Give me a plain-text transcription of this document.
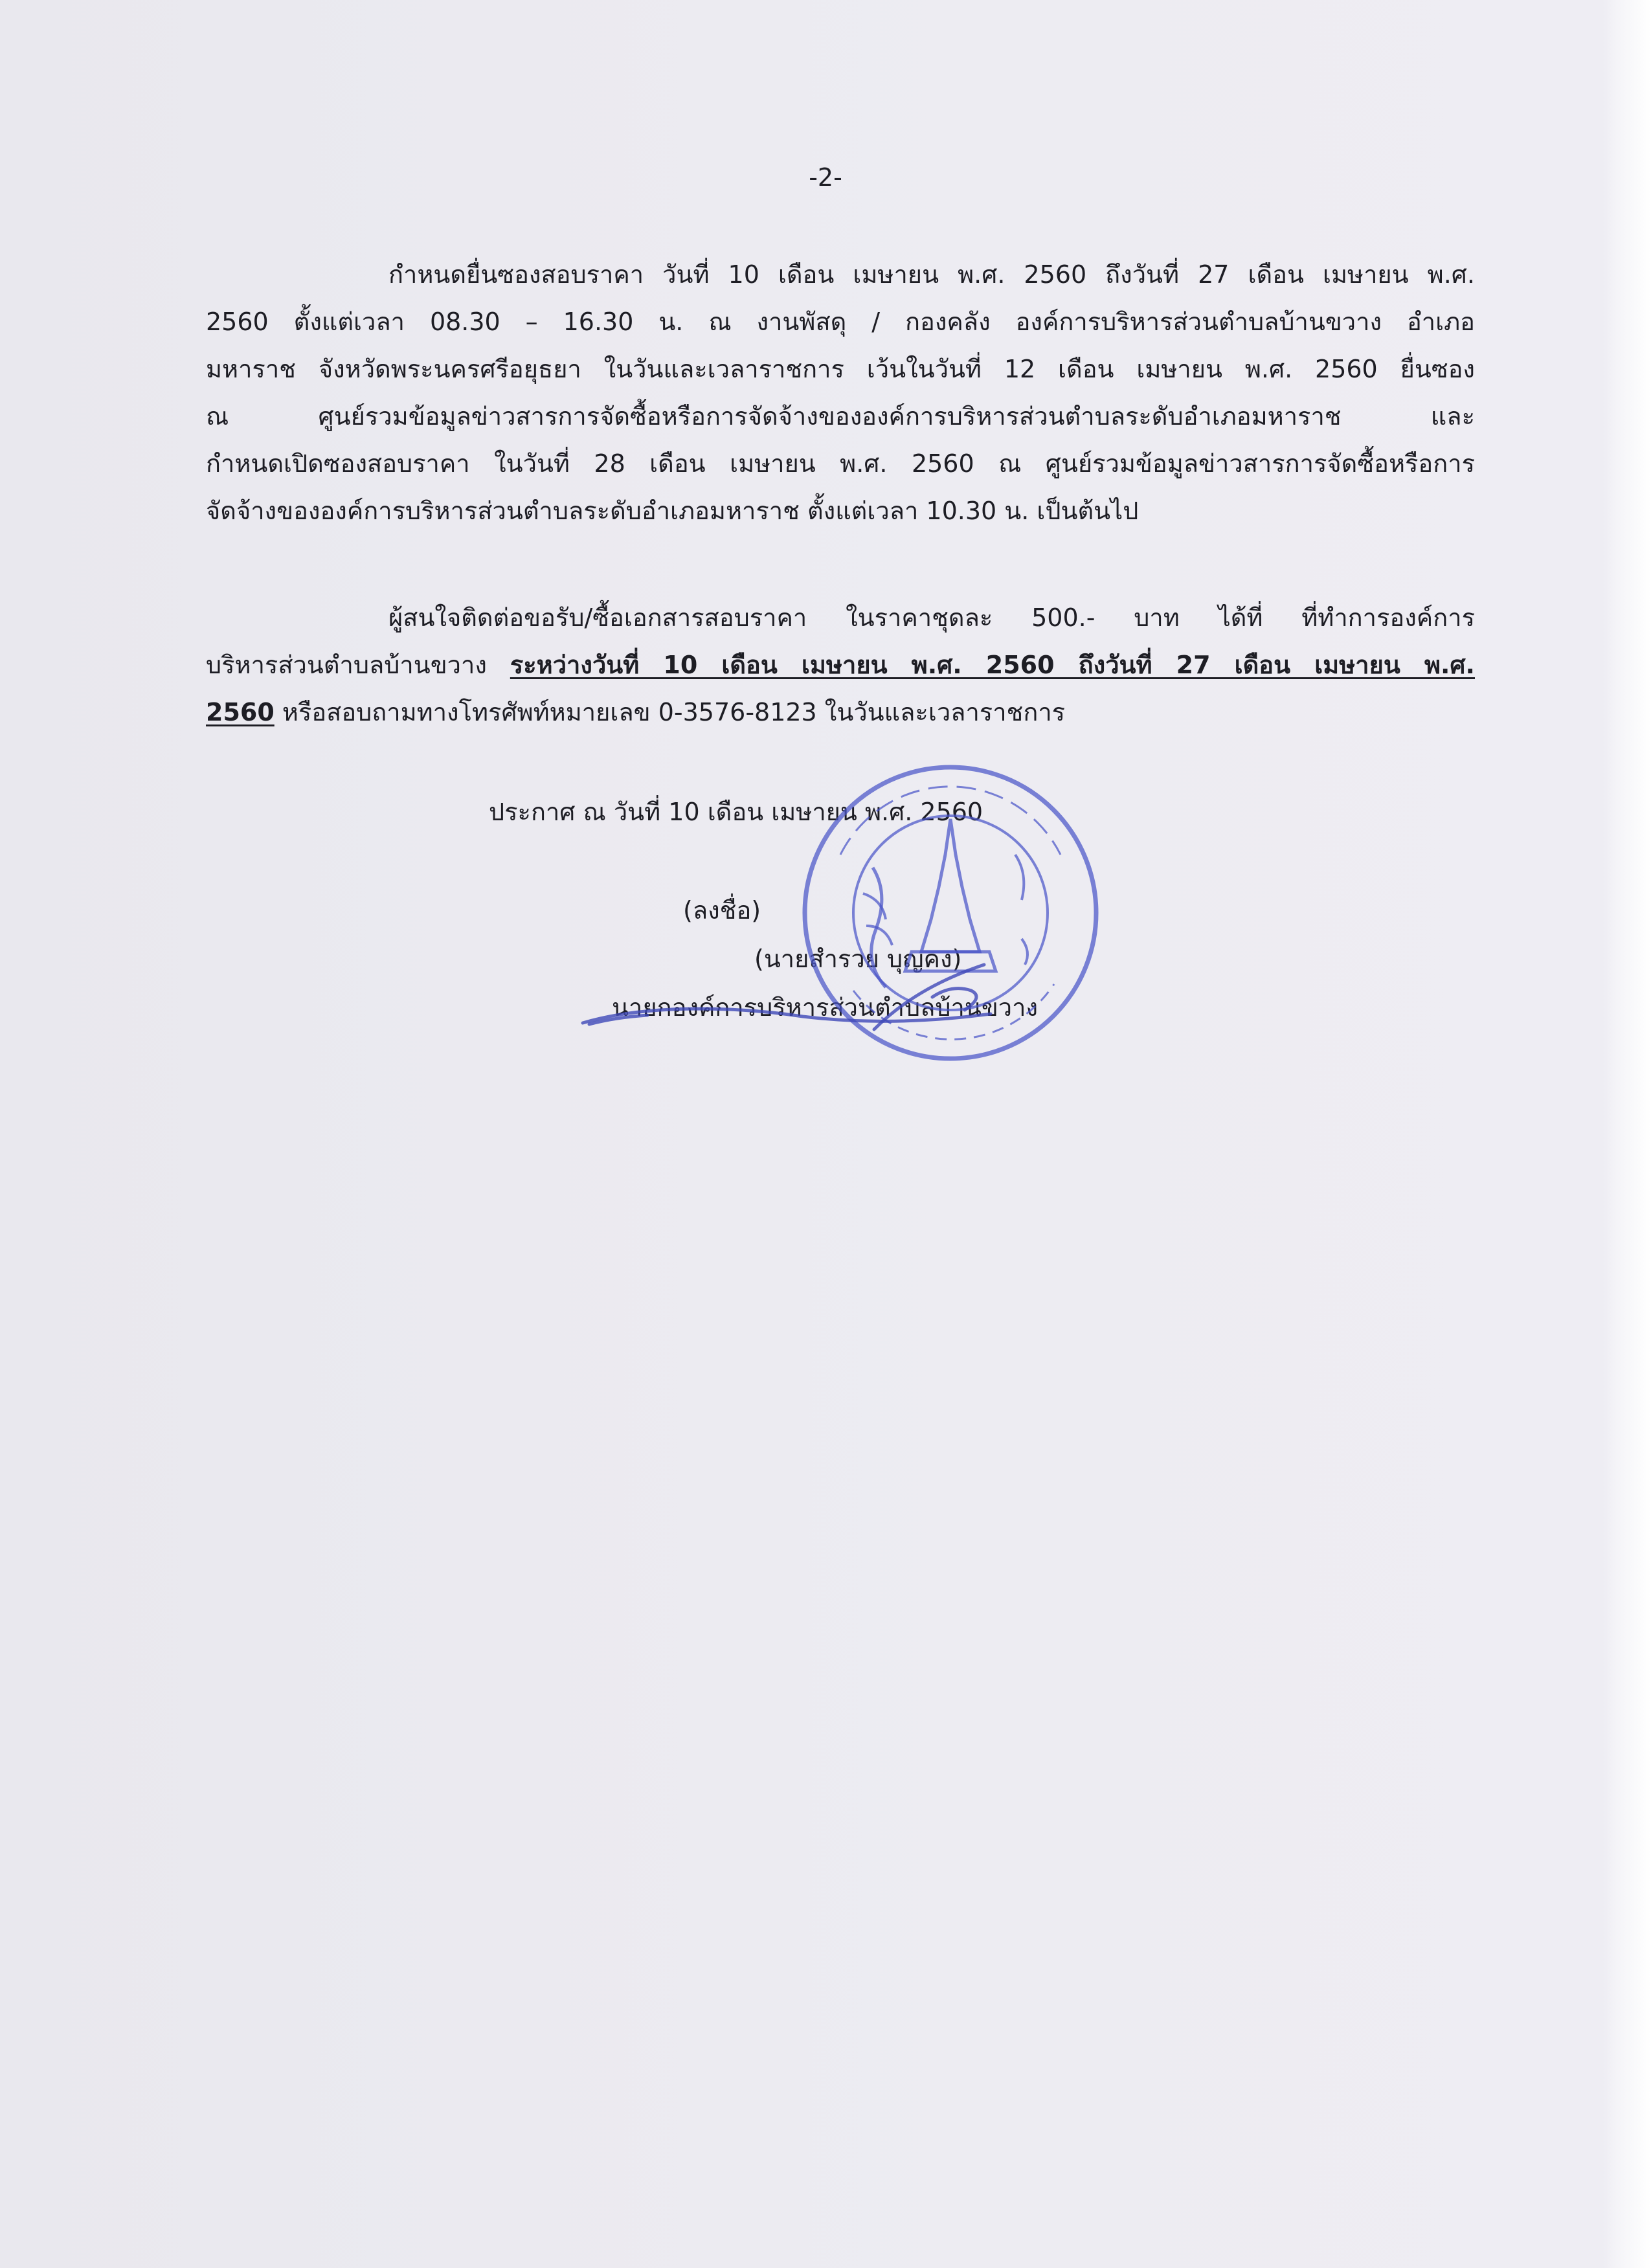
-2-
กำหนดยื่นซองสอบราคา วันที่ 10 เดือน เมษายน พ.ศ. 2560 ถึงวันที่ 27 เดือน เมษายน พ.ศ.
2560 ตั้งแต่เวลา 08.30 – 16.30 น. ณ งานพัสดุ / กองคลัง องค์การบริหารส่วนตำบลบ้านขวาง อำเภอ
มหาราช จังหวัดพระนครศรีอยุธยา ในวันและเวลาราชการ เว้นในวันที่ 12 เดือน เมษายน พ.ศ. 2560 ยื่นซอง
ณ ศูนย์รวมข้อมูลข่าวสารการจัดซื้อหรือการจัดจ้างขององค์การบริหารส่วนตำบลระดับอำเภอมหาราช และ
กำหนดเปิดซองสอบราคา ในวันที่ 28 เดือน เมษายน พ.ศ. 2560 ณ ศูนย์รวมข้อมูลข่าวสารการจัดซื้อหรือการ
จัดจ้างขององค์การบริหารส่วนตำบลระดับอำเภอมหาราช ตั้งแต่เวลา 10.30 น. เป็นต้นไป
ผู้สนใจติดต่อขอรับ/ซื้อเอกสารสอบราคา ในราคาชุดละ 500.- บาท ได้ที่ ที่ทำการองค์การ
บริหารส่วนตำบลบ้านขวาง ระหว่างวันที่ 10 เดือน เมษายน พ.ศ. 2560 ถึงวันที่ 27 เดือน เมษายน พ.ศ.
2560 หรือสอบถามทางโทรศัพท์หมายเลข 0-3576-8123 ในวันและเวลาราชการ
ประกาศ ณ วันที่ 10 เดือน เมษายน พ.ศ. 2560
(ลงชื่อ)
(นายสำรวย บุญคง)
นายกองค์การบริหารส่วนตำบลบ้านขวาง
